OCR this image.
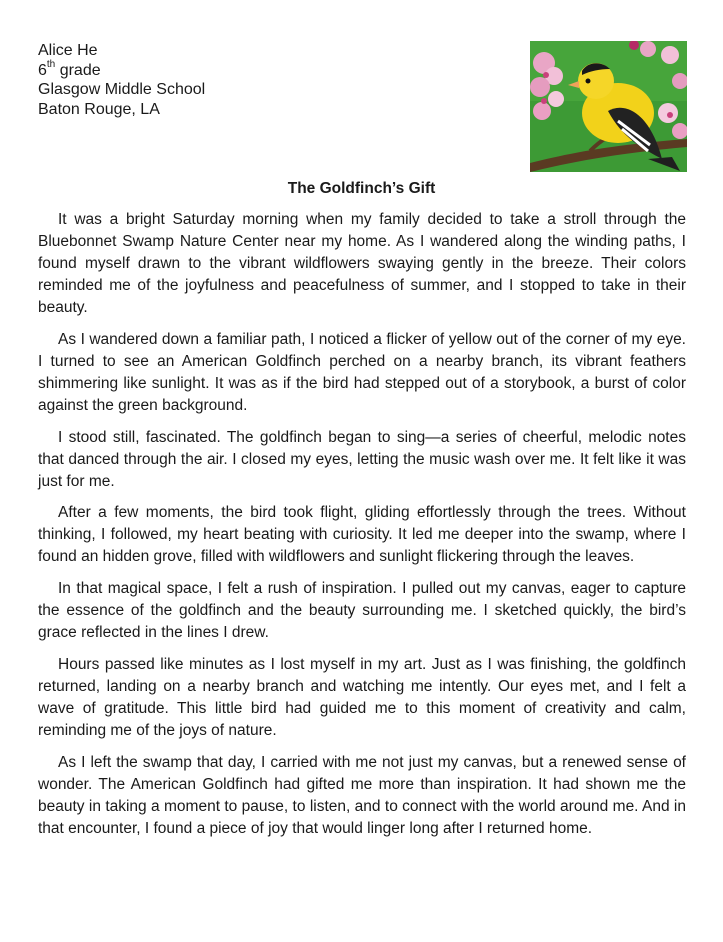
Alice He
6th grade
Glasgow Middle School
Baton Rouge, LA
The Goldfinch’s Gift

It was a bright Saturday morning when my family decided to take a stroll through the Bluebonnet Swamp Nature Center near my home. As I wandered along the winding paths, I found myself drawn to the vibrant wildflowers swaying gently in the breeze. Their colors reminded me of the joyfulness and peacefulness of summer, and I stopped to take in their beauty.

As I wandered down a familiar path, I noticed a flicker of yellow out of the corner of my eye. I turned to see an American Goldfinch perched on a nearby branch, its vibrant feathers shimmering like sunlight. It was as if the bird had stepped out of a storybook, a burst of color against the green background.

I stood still, fascinated. The goldfinch began to sing—a series of cheerful, melodic notes that danced through the air. I closed my eyes, letting the music wash over me. It felt like it was just for me.

After a few moments, the bird took flight, gliding effortlessly through the trees. Without thinking, I followed, my heart beating with curiosity. It led me deeper into the swamp, where I found an hidden grove, filled with wildflowers and sunlight flickering through the leaves.

In that magical space, I felt a rush of inspiration. I pulled out my canvas, eager to capture the essence of the goldfinch and the beauty surrounding me. I sketched quickly, the bird’s grace reflected in the lines I drew.

Hours passed like minutes as I lost myself in my art. Just as I was finishing, the goldfinch returned, landing on a nearby branch and watching me intently. Our eyes met, and I felt a wave of gratitude. This little bird had guided me to this moment of creativity and calm, reminding me of the joys of nature.

As I left the swamp that day, I carried with me not just my canvas, but a renewed sense of wonder. The American Goldfinch had gifted me more than inspiration. It had shown me the beauty in taking a moment to pause, to listen, and to connect with the world around me. And in that encounter, I found a piece of joy that would linger long after I returned home.
